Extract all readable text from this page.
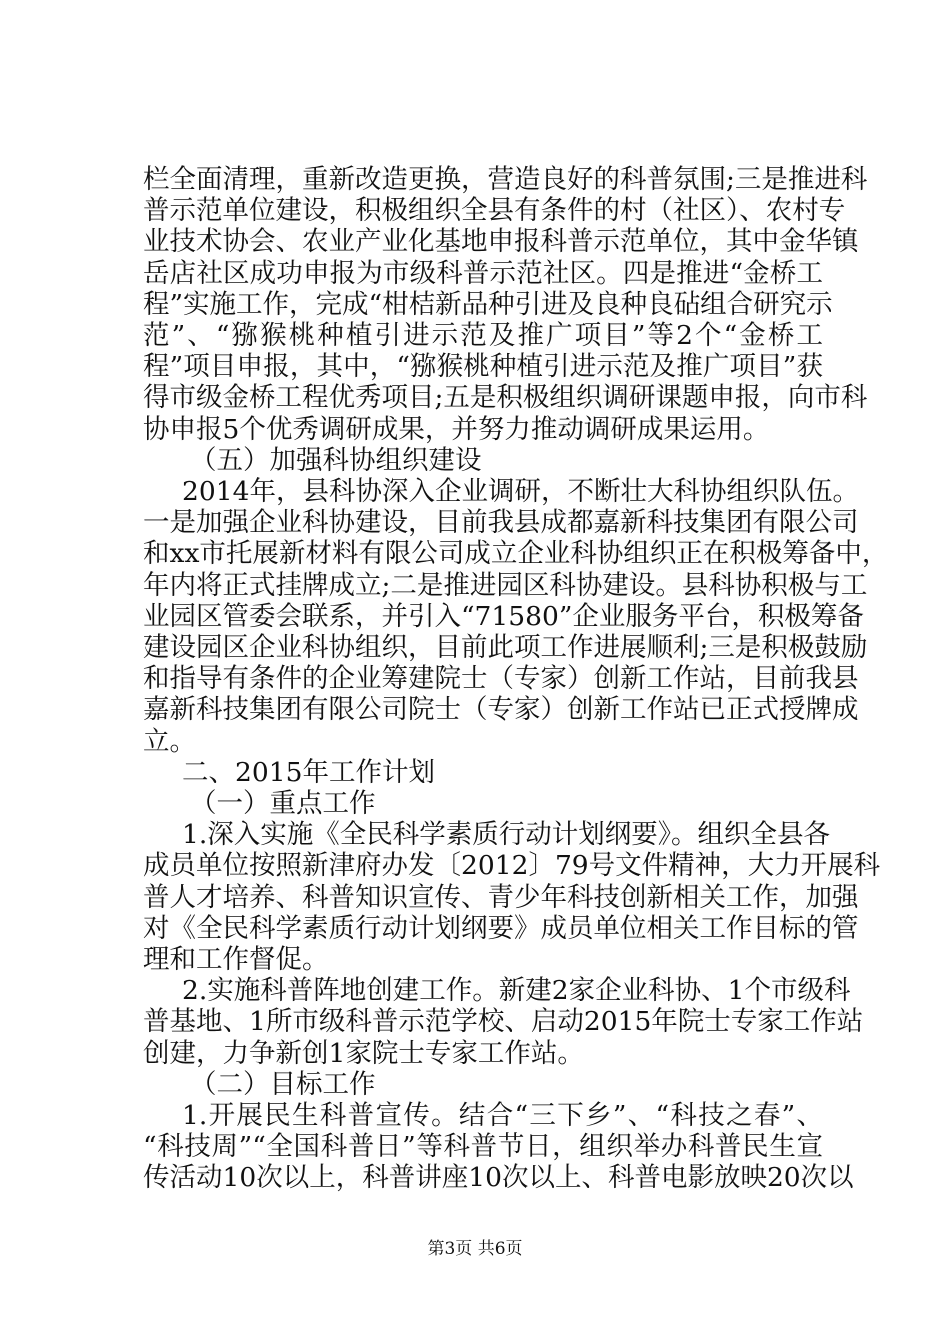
栏全面清理，重新改造更换，营造良好的科普氛围;三是推进科
普示范单位建设，积极组织全县有条件的村（社区）、农村专
业技术协会、农业产业化基地申报科普示范单位，其中金华镇
岳店社区成功申报为市级科普示范社区。四是推进“金桥工
程”实施工作，完成“柑桔新品种引进及良种良砧组合研究示
范”、“猕猴桃种植引进示范及推广项目”等2个“金桥工
程”项目申报，其中，“猕猴桃种植引进示范及推广项目”获
得市级金桥工程优秀项目;五是积极组织调研课题申报，向市科
协申报5个优秀调研成果，并努力推动调研成果运用。
（五）加强科协组织建设
2014年，县科协深入企业调研，不断壮大科协组织队伍。
一是加强企业科协建设，目前我县成都嘉新科技集团有限公司
和xx市托展新材料有限公司成立企业科协组织正在积极筹备中，
年内将正式挂牌成立;二是推进园区科协建设。县科协积极与工
业园区管委会联系，并引入“71580”企业服务平台，积极筹备
建设园区企业科协组织，目前此项工作进展顺利;三是积极鼓励
和指导有条件的企业筹建院士（专家）创新工作站，目前我县
嘉新科技集团有限公司院士（专家）创新工作站已正式授牌成
立。
二、2015年工作计划
（一）重点工作
1.深入实施《全民科学素质行动计划纲要》。组织全县各
成员单位按照新津府办发〔2012〕79号文件精神，大力开展科
普人才培养、科普知识宣传、青少年科技创新相关工作，加强
对《全民科学素质行动计划纲要》成员单位相关工作目标的管
理和工作督促。
2.实施科普阵地创建工作。新建2家企业科协、1个市级科
普基地、1所市级科普示范学校、启动2015年院士专家工作站
创建，力争新创1家院士专家工作站。
（二）目标工作
1.开展民生科普宣传。结合“三下乡”、“科技之春”、
“科技周”“全国科普日”等科普节日，组织举办科普民生宣
传活动10次以上，科普讲座10次以上、科普电影放映20次以
第3页 共6页
